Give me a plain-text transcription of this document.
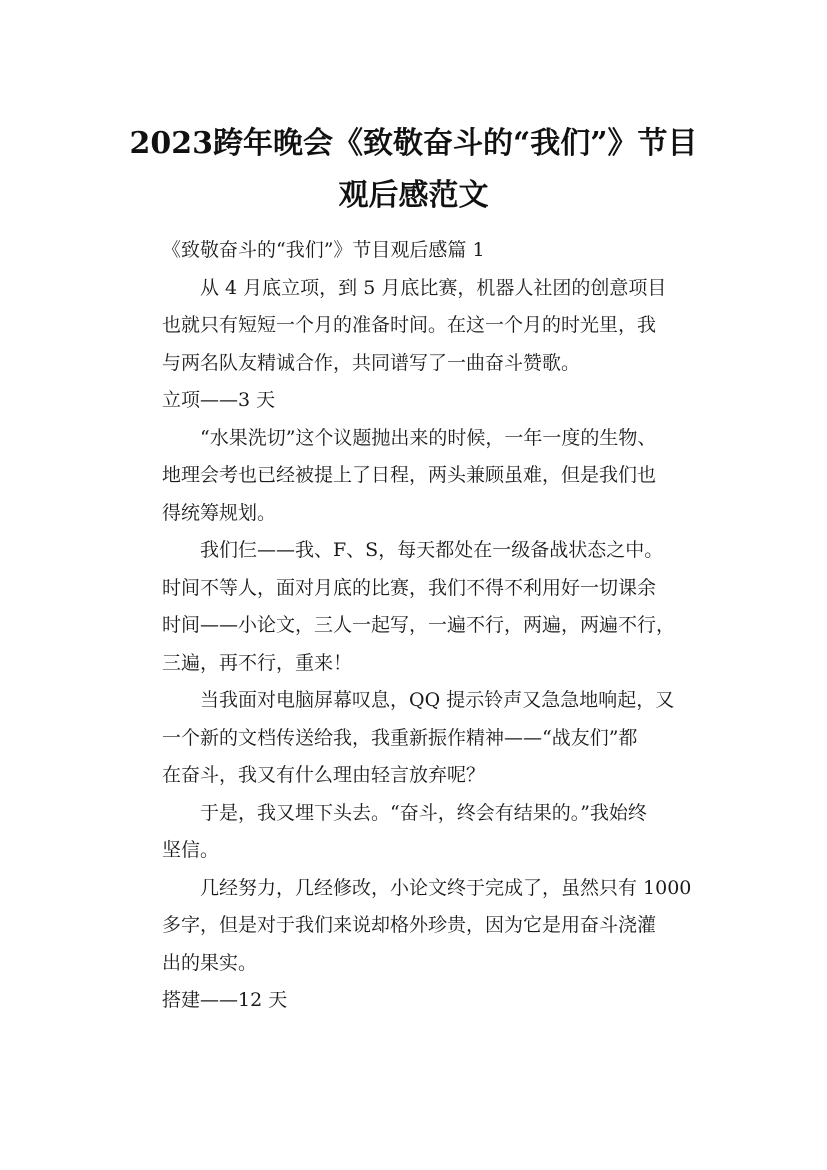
2023跨年晚会《致敬奋斗的“我们”》节目
观后感范文

《致敬奋斗的“我们”》节目观后感篇 1

从 4 月底立项，到 5 月底比赛，机器人社团的创意项目
也就只有短短一个月的准备时间。在这一个月的时光里，我
与两名队友精诚合作，共同谱写了一曲奋斗赞歌。

立项——3 天

“水果洗切”这个议题抛出来的时候，一年一度的生物、
地理会考也已经被提上了日程，两头兼顾虽难，但是我们也
得统筹规划。

我们仨——我、F、S，每天都处在一级备战状态之中。
时间不等人，面对月底的比赛，我们不得不利用好一切课余
时间——小论文，三人一起写，一遍不行，两遍，两遍不行，
三遍，再不行，重来！

当我面对电脑屏幕叹息，QQ 提示铃声又急急地响起，又
一个新的文档传送给我，我重新振作精神——“战友们”都
在奋斗，我又有什么理由轻言放弃呢？

于是，我又埋下头去。“奋斗，终会有结果的。”我始终
坚信。

几经努力，几经修改，小论文终于完成了，虽然只有 1000
多字，但是对于我们来说却格外珍贵，因为它是用奋斗浇灌
出的果实。

搭建——12 天
